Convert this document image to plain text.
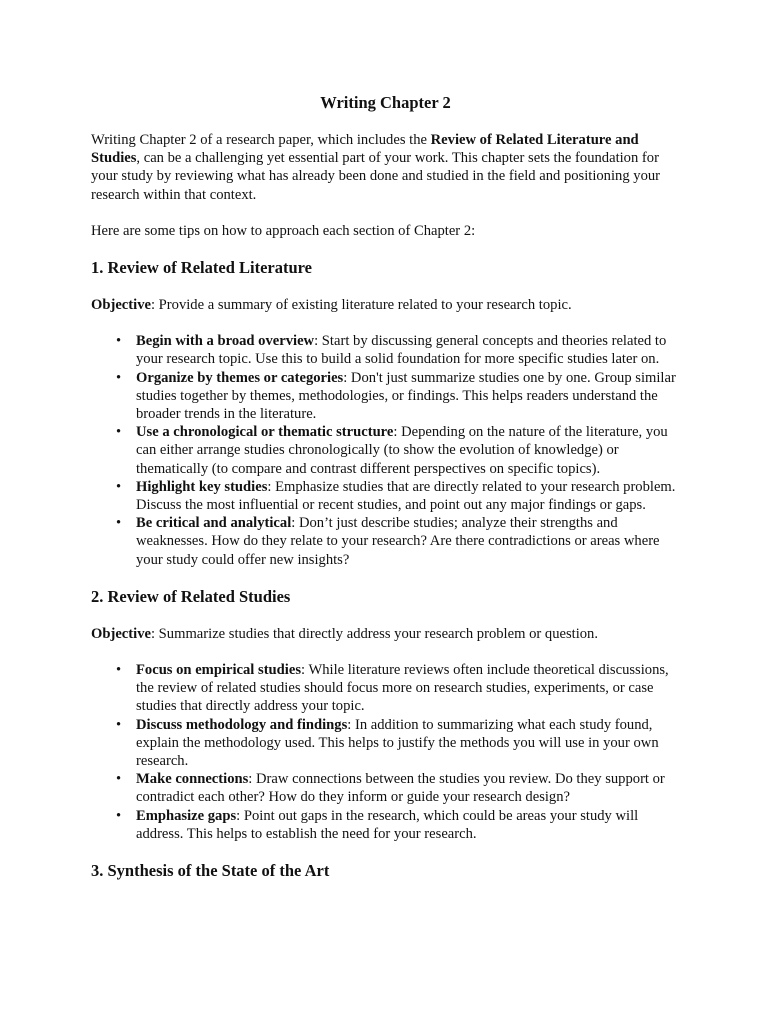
Writing Chapter 2

Writing Chapter 2 of a research paper, which includes the Review of Related Literature and Studies, can be a challenging yet essential part of your work. This chapter sets the foundation for your study by reviewing what has already been done and studied in the field and positioning your research within that context.

Here are some tips on how to approach each section of Chapter 2:

1. Review of Related Literature

Objective: Provide a summary of existing literature related to your research topic.

• Begin with a broad overview: Start by discussing general concepts and theories related to your research topic. Use this to build a solid foundation for more specific studies later on.
• Organize by themes or categories: Don't just summarize studies one by one. Group similar studies together by themes, methodologies, or findings. This helps readers understand the broader trends in the literature.
• Use a chronological or thematic structure: Depending on the nature of the literature, you can either arrange studies chronologically (to show the evolution of knowledge) or thematically (to compare and contrast different perspectives on specific topics).
• Highlight key studies: Emphasize studies that are directly related to your research problem. Discuss the most influential or recent studies, and point out any major findings or gaps.
• Be critical and analytical: Don’t just describe studies; analyze their strengths and weaknesses. How do they relate to your research? Are there contradictions or areas where your study could offer new insights?
2. Review of Related Studies

Objective: Summarize studies that directly address your research problem or question.

• Focus on empirical studies: While literature reviews often include theoretical discussions, the review of related studies should focus more on research studies, experiments, or case studies that directly address your topic.
• Discuss methodology and findings: In addition to summarizing what each study found, explain the methodology used. This helps to justify the methods you will use in your own research.
• Make connections: Draw connections between the studies you review. Do they support or contradict each other? How do they inform or guide your research design?
• Emphasize gaps: Point out gaps in the research, which could be areas your study will address. This helps to establish the need for your research.
3. Synthesis of the State of the Art
